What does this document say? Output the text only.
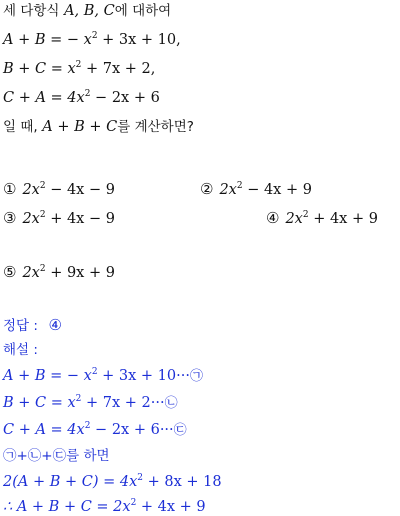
세 다항식 A, B, C에 대하여
A + B = − $x^2 + 3x + 10$,
$B + C = x^2 + 7x + 2$,
$C + A = 4x^2 - 2x + 6$
일 때, A + B + C를 계산하면?
① $2x^2 - 4x - 9$	② $2x^2 - 4x + 9$
③ $2x^2 + 4x - 9$	④ $2x^2 + 4x + 9$
⑤ $2x^2 + 9x + 9$
정답 : ④
해설 :
A + B = − $x^2 + 3x$ + 10···㉠
$B + C = x^2 + 7x$ + 2···㉡
$C + A = 4x^2 - 2x$ + 6···㉢
㉠+㉡+㉢를 하면
$2(A + B + C) = 4x^2 + 8x + 18$
∴ $A + B + C = 2x^2 + 4x + 9$
